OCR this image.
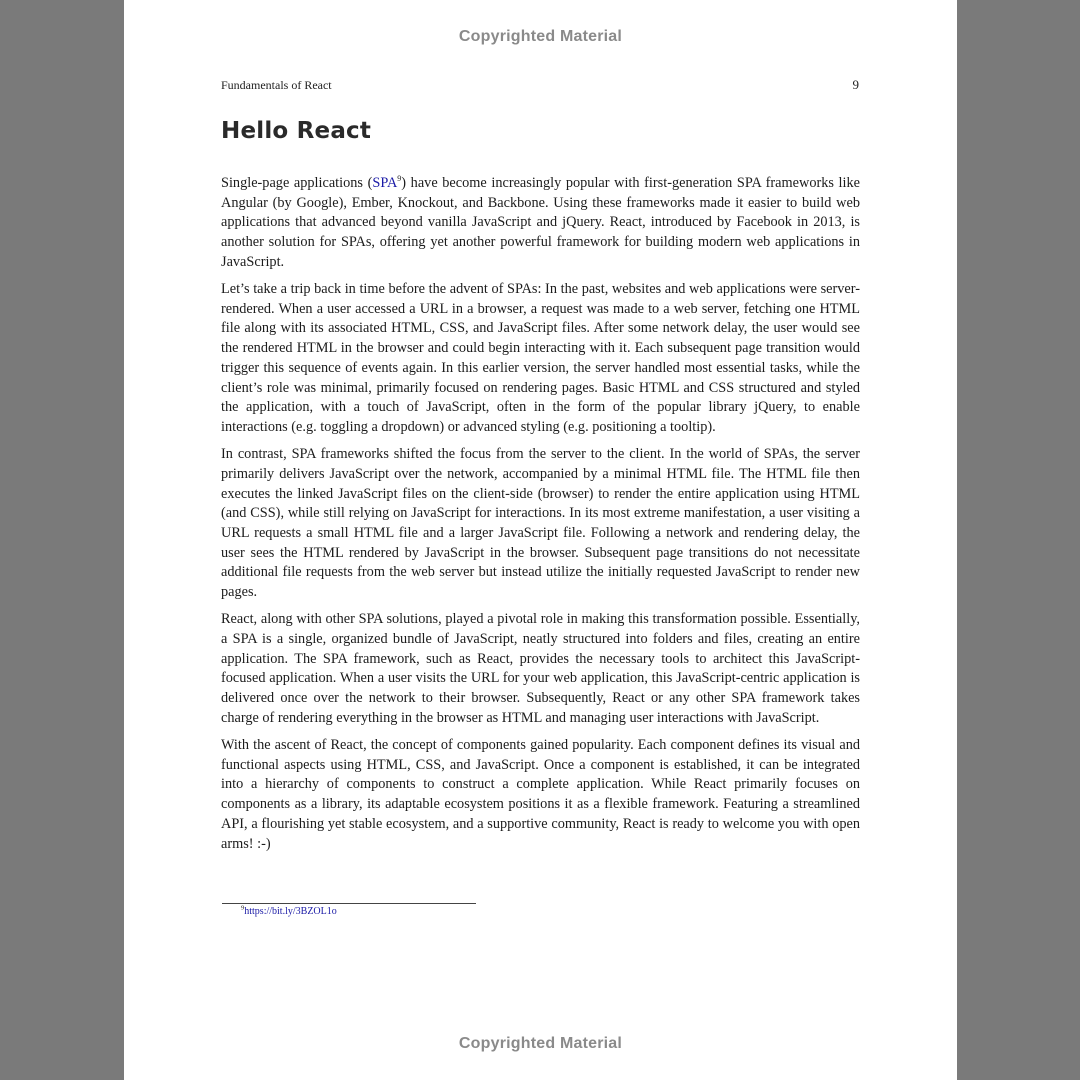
Copyrighted Material
Fundamentals of React	9
Hello React

Single-page applications (SPA$^9$) have become increasingly popular with first-generation SPA frameworks like Angular (by Google), Ember, Knockout, and Backbone. Using these frameworks made it easier to build web applications that advanced beyond vanilla JavaScript and jQuery. React, introduced by Facebook in 2013, is another solution for SPAs, offering yet another powerful framework for building modern web applications in JavaScript.

Let’s take a trip back in time before the advent of SPAs: In the past, websites and web applications were server-rendered. When a user accessed a URL in a browser, a request was made to a web server, fetching one HTML file along with its associated HTML, CSS, and JavaScript files. After some network delay, the user would see the rendered HTML in the browser and could begin interacting with it. Each subsequent page transition would trigger this sequence of events again. In this earlier version, the server handled most essential tasks, while the client’s role was minimal, primarily focused on rendering pages. Basic HTML and CSS structured and styled the application, with a touch of JavaScript, often in the form of the popular library jQuery, to enable interactions (e.g. toggling a dropdown) or advanced styling (e.g. positioning a tooltip).

In contrast, SPA frameworks shifted the focus from the server to the client. In the world of SPAs, the server primarily delivers JavaScript over the network, accompanied by a minimal HTML file. The HTML file then executes the linked JavaScript files on the client-side (browser) to render the entire application using HTML (and CSS), while still relying on JavaScript for interactions. In its most extreme manifestation, a user visiting a URL requests a small HTML file and a larger JavaScript file. Following a network and rendering delay, the user sees the HTML rendered by JavaScript in the browser. Subsequent page transitions do not necessitate additional file requests from the web server but instead utilize the initially requested JavaScript to render new pages.

React, along with other SPA solutions, played a pivotal role in making this transformation possible. Essentially, a SPA is a single, organized bundle of JavaScript, neatly structured into folders and files, creating an entire application. The SPA framework, such as React, provides the necessary tools to architect this JavaScript-focused application. When a user visits the URL for your web application, this JavaScript-centric application is delivered once over the network to their browser. Subsequently, React or any other SPA framework takes charge of rendering everything in the browser as HTML and managing user interactions with JavaScript.

With the ascent of React, the concept of components gained popularity. Each component defines its visual and functional aspects using HTML, CSS, and JavaScript. Once a component is established, it can be integrated into a hierarchy of components to construct a complete application. While React primarily focuses on components as a library, its adaptable ecosystem positions it as a flexible framework. Featuring a streamlined API, a flourishing yet stable ecosystem, and a supportive community, React is ready to welcome you with open arms! :-)

$^9$https://bit.ly/3BZOL1o
Copyrighted Material
